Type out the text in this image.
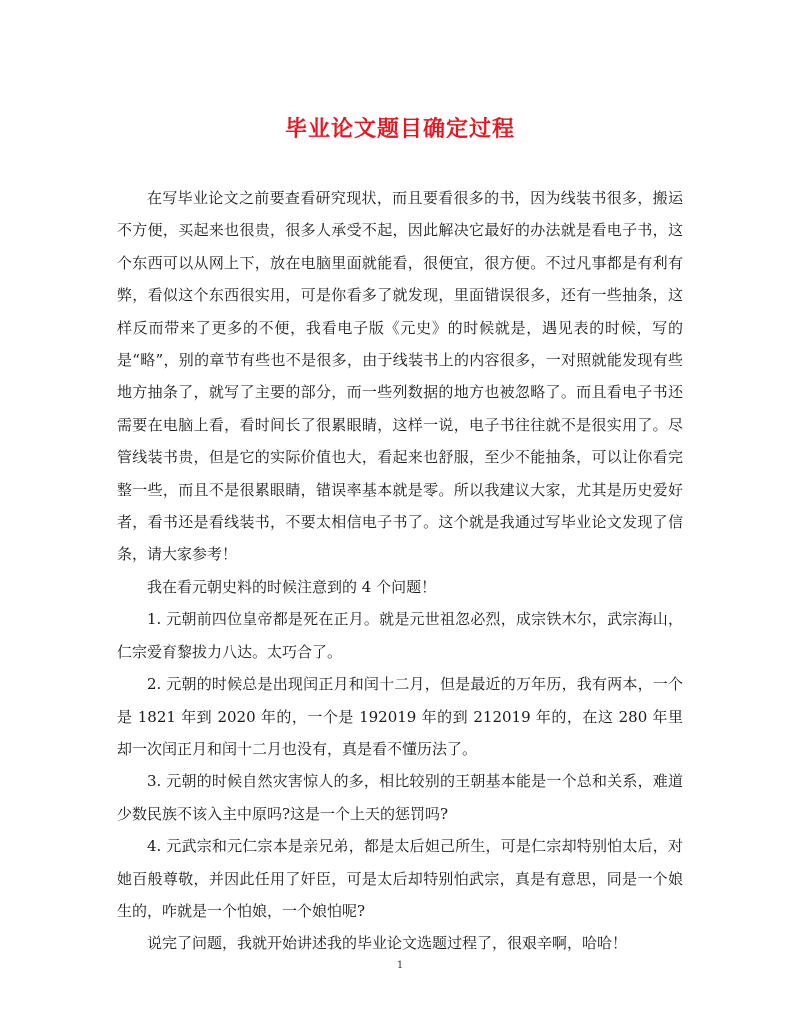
毕业论文题目确定过程

在写毕业论文之前要查看研究现状，而且要看很多的书，因为线装书很多，搬运不方便，买起来也很贵，很多人承受不起，因此解决它最好的办法就是看电子书，这个东西可以从网上下，放在电脑里面就能看，很便宜，很方便。不过凡事都是有利有弊，看似这个东西很实用，可是你看多了就发现，里面错误很多，还有一些抽条，这样反而带来了更多的不便，我看电子版《元史》的时候就是，遇见表的时候，写的是“略”，别的章节有些也不是很多，由于线装书上的内容很多，一对照就能发现有些地方抽条了，就写了主要的部分，而一些列数据的地方也被忽略了。而且看电子书还需要在电脑上看，看时间长了很累眼睛，这样一说，电子书往往就不是很实用了。尽管线装书贵，但是它的实际价值也大，看起来也舒服，至少不能抽条，可以让你看完整一些，而且不是很累眼睛，错误率基本就是零。所以我建议大家，尤其是历史爱好者，看书还是看线装书，不要太相信电子书了。这个就是我通过写毕业论文发现了信条，请大家参考！

我在看元朝史料的时候注意到的 4 个问题！

1. 元朝前四位皇帝都是死在正月。就是元世祖忽必烈，成宗铁木尔，武宗海山，仁宗爱育黎拔力八达。太巧合了。

2. 元朝的时候总是出现闰正月和闰十二月，但是最近的万年历，我有两本，一个是 1821 年到 2020 年的，一个是 192019 年的到 212019 年的，在这 280 年里却一次闰正月和闰十二月也没有，真是看不懂历法了。

3. 元朝的时候自然灾害惊人的多，相比较别的王朝基本能是一个总和关系，难道少数民族不该入主中原吗?这是一个上天的惩罚吗?

4. 元武宗和元仁宗本是亲兄弟，都是太后妲己所生，可是仁宗却特别怕太后，对她百般尊敬，并因此任用了奸臣，可是太后却特别怕武宗，真是有意思，同是一个娘生的，咋就是一个怕娘，一个娘怕呢?

说完了问题，我就开始讲述我的毕业论文选题过程了，很艰辛啊，哈哈！

1
